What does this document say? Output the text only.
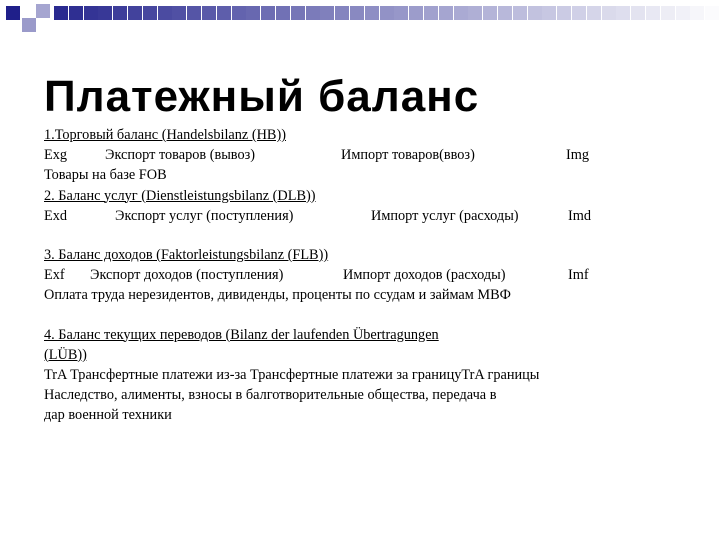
Платежный баланс
1.Торговый баланс (Handelsbilanz (HB))
Exg	Экспорт товаров (вывоз)	Импорт товаров(ввоз)	Img
Товары на базе FOB
2. Баланс услуг (Dienstleistungsbilanz (DLB))
Exd	Экспорт услуг (поступления)	Импорт услуг (расходы)	Imd
3. Баланс доходов (Faktorleistungsbilanz (FLB))
Exf Экспорт доходов (поступления)	Импорт доходов (расходы)	Imf
Оплата труда нерезидентов, дивиденды, проценты по ссудам и займам МВФ
4. Баланс текущих переводов (Bilanz der laufenden Übertragungen
(LÜB))
TrA Трансфертные платежи из-за Трансфертные платежи за границуTrA границы
Наследство, алименты, взносы в балготворительные общества, передача в
дар военной техники
